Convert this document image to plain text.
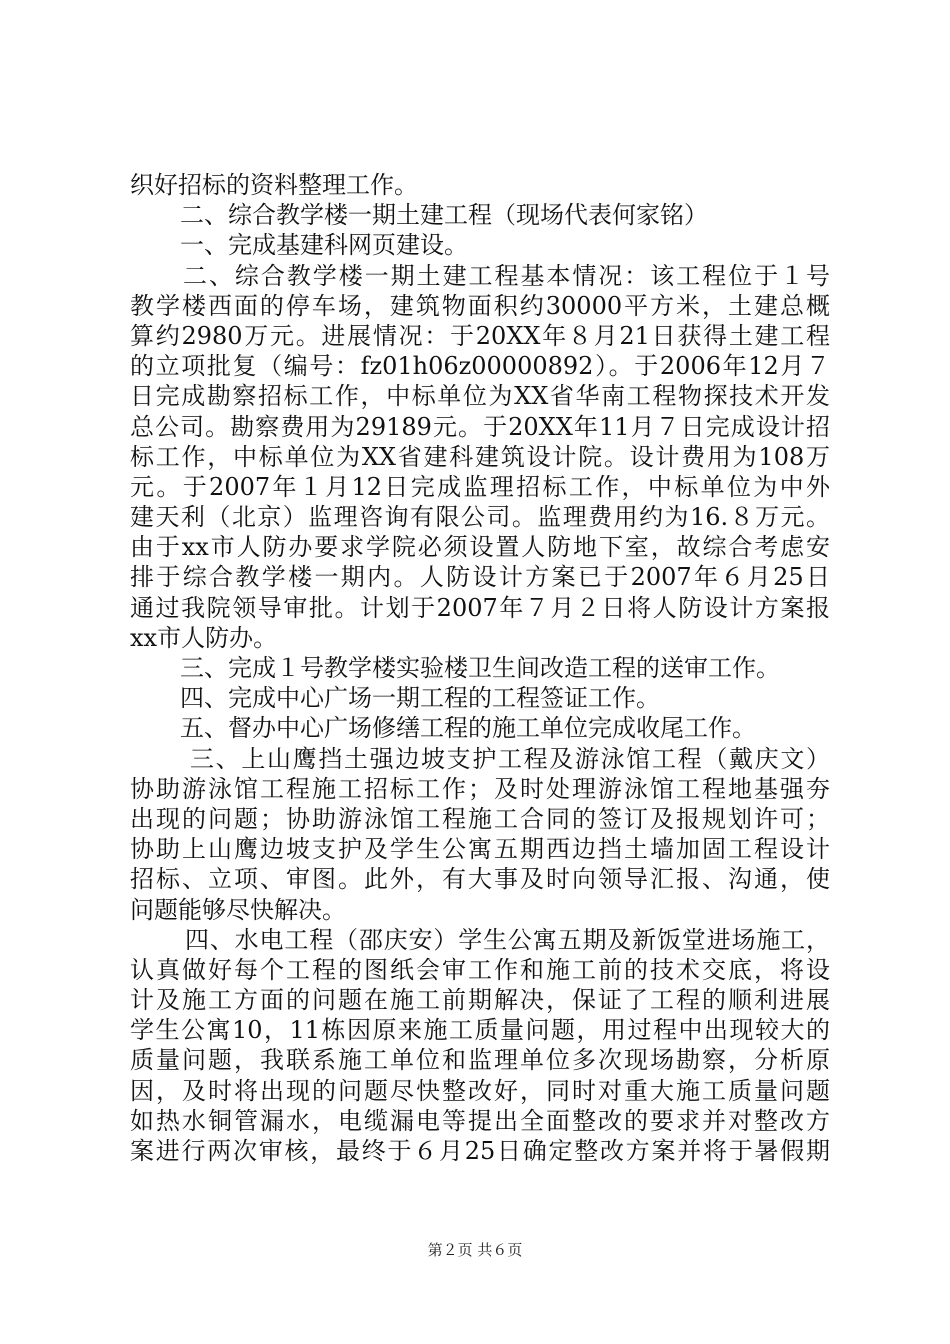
织好招标的资料整理工作。
二、综合教学楼一期土建工程（现场代表何家铭）
一、完成基建科网页建设。
二、综合教学楼一期土建工程基本情况：该工程位于１号
教学楼西面的停车场，建筑物面积约30000平方米，土建总概
算约2980万元。进展情况：于20XX年８月21日获得土建工程
的立项批复（编号：fz01h06z00000892）。于2006年12月７
日完成勘察招标工作，中标单位为XX省华南工程物探技术开发
总公司。勘察费用为29189元。于20XX年11月７日完成设计招
标工作，中标单位为XX省建科建筑设计院。设计费用为108万
元。于2007年１月12日完成监理招标工作，中标单位为中外
建天利（北京）监理咨询有限公司。监理费用约为16.８万元。
由于xx市人防办要求学院必须设置人防地下室，故综合考虑安
排于综合教学楼一期内。人防设计方案已于2007年６月25日
通过我院领导审批。计划于2007年７月２日将人防设计方案报
xx市人防办。
三、完成１号教学楼实验楼卫生间改造工程的送审工作。
四、完成中心广场一期工程的工程签证工作。
五、督办中心广场修缮工程的施工单位完成收尾工作。
三、上山鹰挡土强边坡支护工程及游泳馆工程（戴庆文）
协助游泳馆工程施工招标工作；及时处理游泳馆工程地基强夯
出现的问题；协助游泳馆工程施工合同的签订及报规划许可；
协助上山鹰边坡支护及学生公寓五期西边挡土墙加固工程设计
招标、立项、审图。此外，有大事及时向领导汇报、沟通，使
问题能够尽快解决。
四、水电工程（邵庆安）学生公寓五期及新饭堂进场施工，
认真做好每个工程的图纸会审工作和施工前的技术交底，将设
计及施工方面的问题在施工前期解决，保证了工程的顺利进展
学生公寓10，11栋因原来施工质量问题，用过程中出现较大的
质量问题，我联系施工单位和监理单位多次现场勘察，分析原
因，及时将出现的问题尽快整改好，同时对重大施工质量问题
如热水铜管漏水，电缆漏电等提出全面整改的要求并对整改方
案进行两次审核，最终于６月25日确定整改方案并将于暑假期
第２页 共６页
